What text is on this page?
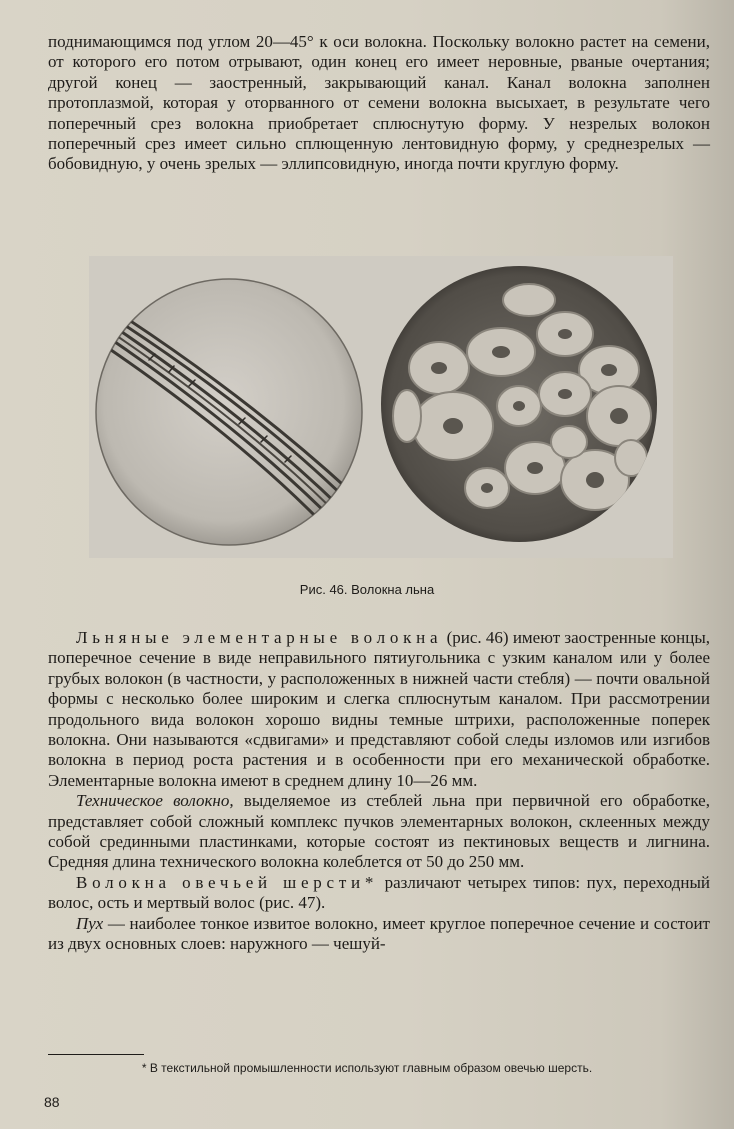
поднимающимся под углом 20—45° к оси волокна. Поскольку волокно растет на семени, от которого его потом отрывают, один конец его имеет неровные, рваные очертания; другой конец — заостренный, закрывающий канал. Канал волокна заполнен протоплазмой, которая у оторванного от семени волокна высыхает, в результате чего поперечный срез волокна приобретает сплюснутую форму. У незрелых волокон поперечный срез имеет сильно сплющенную лентовидную форму, у среднезрелых — бобовидную, у очень зрелых — эллипсовидную, иногда почти круглую форму.

Рис. 46. Волокна льна

Льняные элементарные волокна (рис. 46) имеют заостренные концы, поперечное сечение в виде неправильного пятиугольника с узким каналом или у более грубых волокон (в частности, у расположенных в нижней части стебля) — почти овальной формы с несколько более широким и слегка сплюснутым каналом. При рассмотрении продольного вида волокон хорошо видны темные штрихи, расположенные поперек волокна. Они называются «сдвигами» и представляют собой следы изломов или изгибов волокна в период роста растения и в особенности при его механической обработке. Элементарные волокна имеют в среднем длину 10—26 мм.

Техническое волокно, выделяемое из стеблей льна при первичной его обработке, представляет собой сложный комплекс пучков элементарных волокон, склеенных между собой срединными пластинками, которые состоят из пектиновых веществ и лигнина. Средняя длина технического волокна колеблется от 50 до 250 мм.

Волокна овечьей шерсти* различают четырех типов: пух, переходный волос, ость и мертвый волос (рис. 47).

Пух — наиболее тонкое извитое волокно, имеет круглое поперечное сечение и состоит из двух основных слоев: наружного — чешуй-

* В текстильной промышленности используют главным образом овечью шерсть.
88
